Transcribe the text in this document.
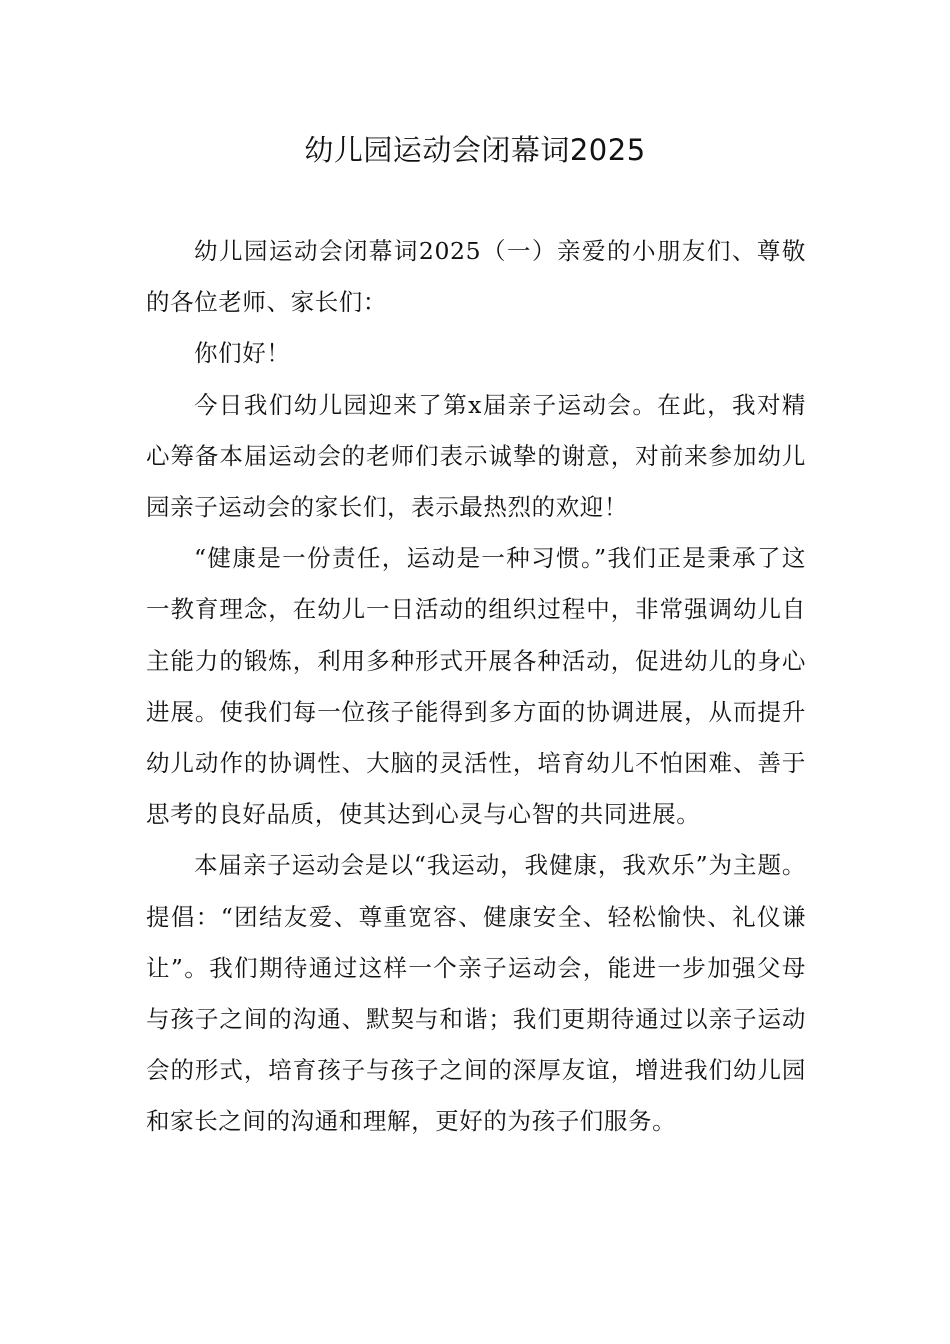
幼儿园运动会闭幕词2025

幼儿园运动会闭幕词2025（一）亲爱的小朋友们、尊敬的各位老师、家长们：

你们好！

今日我们幼儿园迎来了第x届亲子运动会。在此，我对精心筹备本届运动会的老师们表示诚挚的谢意，对前来参加幼儿园亲子运动会的家长们，表示最热烈的欢迎！

“健康是一份责任，运动是一种习惯。”我们正是秉承了这一教育理念，在幼儿一日活动的组织过程中，非常强调幼儿自主能力的锻炼，利用多种形式开展各种活动，促进幼儿的身心进展。使我们每一位孩子能得到多方面的协调进展，从而提升幼儿动作的协调性、大脑的灵活性，培育幼儿不怕困难、善于思考的良好品质，使其达到心灵与心智的共同进展。

本届亲子运动会是以“我运动，我健康，我欢乐”为主题。提倡：“团结友爱、尊重宽容、健康安全、轻松愉快、礼仪谦让”。我们期待通过这样一个亲子运动会，能进一步加强父母与孩子之间的沟通、默契与和谐；我们更期待通过以亲子运动会的形式，培育孩子与孩子之间的深厚友谊，增进我们幼儿园和家长之间的沟通和理解，更好的为孩子们服务。
